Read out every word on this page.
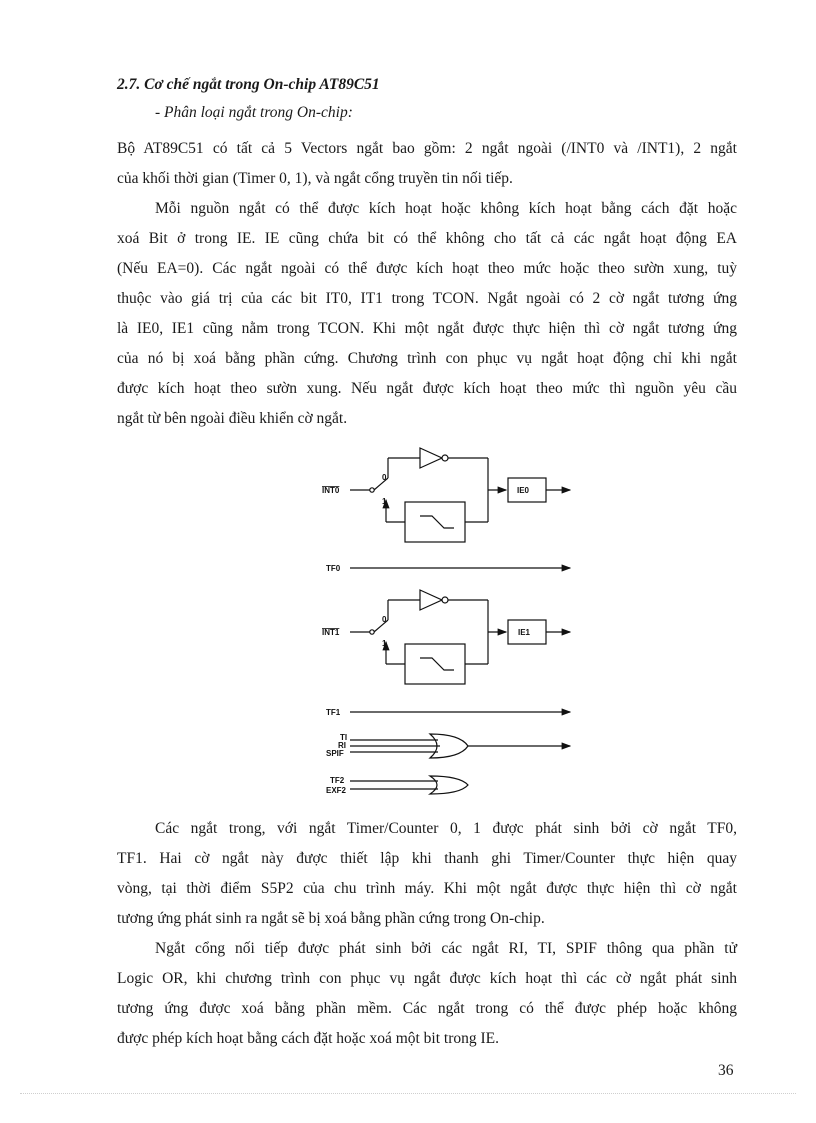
2.7. Cơ chế ngắt trong On-chip AT89C51
- Phân loại ngắt trong On-chip:
Bộ AT89C51 có tất cả 5 Vectors ngắt bao gồm: 2 ngắt ngoài (/INT0 và /INT1), 2 ngắt
của khối thời gian (Timer 0, 1), và ngắt cổng truyền tin nối tiếp.
Mỗi nguồn ngắt có thể được kích hoạt hoặc không kích hoạt bằng cách đặt hoặc
xoá Bit ở trong IE. IE cũng chứa bit có thể không cho tất cả các ngắt hoạt động EA
(Nếu EA=0). Các ngắt ngoài có thể được kích hoạt theo mức hoặc theo sườn xung, tuỳ
thuộc vào giá trị của các bit IT0, IT1 trong TCON. Ngắt ngoài có 2 cờ ngắt tương ứng
là IE0, IE1 cũng nằm trong TCON. Khi một ngắt được thực hiện thì cờ ngắt tương ứng
của nó bị xoá bằng phần cứng. Chương trình con phục vụ ngắt hoạt động chỉ khi ngắt
được kích hoạt theo sườn xung. Nếu ngắt được kích hoạt theo mức thì nguồn yêu cầu
ngắt từ bên ngoài điều khiển cờ ngắt.
INT0
0
1
IE0
TF0
INT1
0
1
IE1
TF1
TI
RI
SPIF
TF2
EXF2
Các ngắt trong, với ngắt Timer/Counter 0, 1 được phát sinh bởi cờ ngắt TF0,
TF1. Hai cờ ngắt này được thiết lập khi thanh ghi Timer/Counter thực hiện quay
vòng, tại thời điểm S5P2 của chu trình máy. Khi một ngắt được thực hiện thì cờ ngắt
tương ứng phát sinh ra ngắt sẽ bị xoá bằng phần cứng trong On-chip.
Ngắt cổng nối tiếp được phát sinh bởi các ngắt RI, TI, SPIF thông qua phần tử
Logic OR, khi chương trình con phục vụ ngắt được kích hoạt thì các cờ ngắt phát sinh
tương ứng được xoá bằng phần mềm. Các ngắt trong có thể được phép hoặc không
được phép kích hoạt bằng cách đặt hoặc xoá một bit trong IE.
36
